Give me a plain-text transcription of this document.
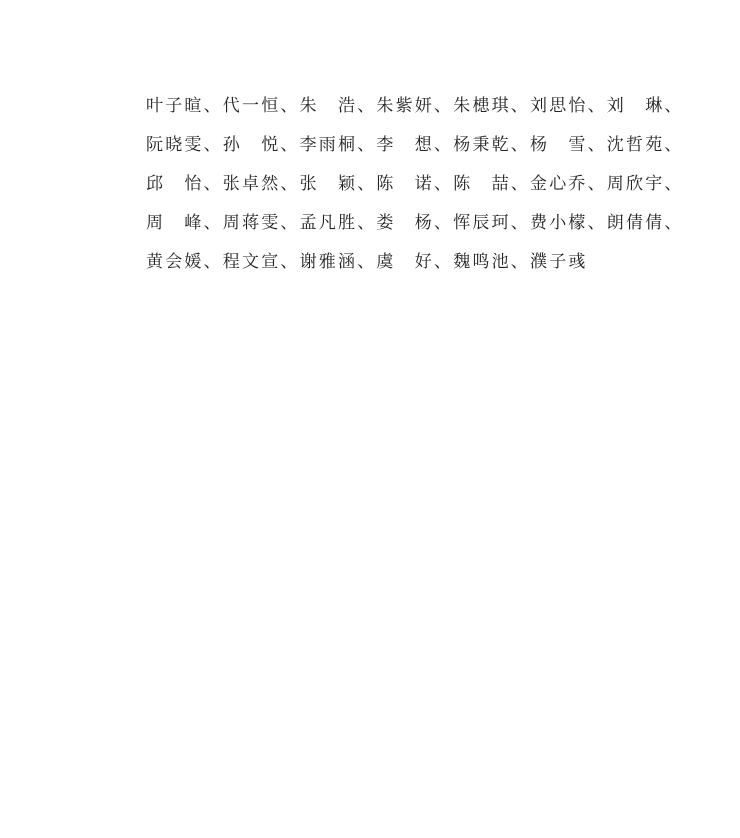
叶子暄、代一恒、朱　浩、朱紫妍、朱槵琪、刘思怡、刘　琳、
阮晓雯、孙　悦、李雨桐、李　想、杨秉乾、杨　雪、沈哲苑、
邱　怡、张卓然、张　颖、陈　诺、陈　喆、金心乔、周欣宇、
周　峰、周蒋雯、孟凡胜、娄　杨、恽辰珂、费小檬、朗倩倩、
黄会媛、程文宣、谢雅涵、虞　好、魏鸣池、濮子彧
